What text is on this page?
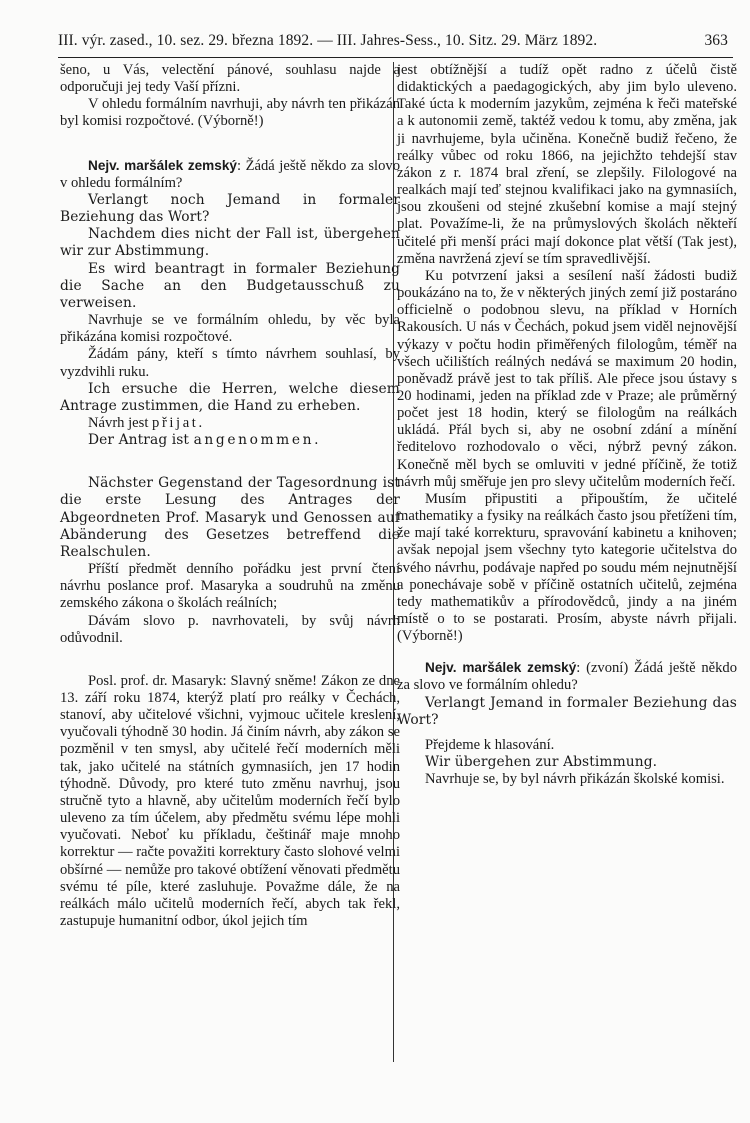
III. výr. zased., 10. sez. 29. března 1892. — III. Jahres-Sess., 10. Sitz. 29. März 1892.	363

šeno, u Vás, velectění pánové, souhlasu najde a odporučuji jej tedy Vaší přízni.

V ohledu formálním navrhuji, aby návrh ten přikázán byl komisi rozpočtové. (Výborně!)

Nejv. maršálek zemský: Žádá ještě někdo za slovo v ohledu formálním?

Verlangt noch Jemand in formaler Beziehung das Wort?

Nachdem dies nicht der Fall ist, übergehen wir zur Abstimmung.

Es wird beantragt in formaler Beziehung die Sache an den Budgetausschuß zu verweisen.

Navrhuje se ve formálním ohledu, by věc byla přikázána komisi rozpočtové.

Žádám pány, kteří s tímto návrhem souhlasí, by vyzdvihli ruku.

Ich ersuche die Herren, welche diesem Antrage zustimmen, die Hand zu erheben.

Návrh jest přijat.

Der Antrag ist angenommen.

Nächster Gegenstand der Tagesordnung ist die erste Lesung des Antrages der Abgeordneten Prof. Masaryk und Genossen auf Abänderung des Gesetzes betreffend die Realschulen.

Příští předmět denního pořádku jest první čtení návrhu poslance prof. Masaryka a soudruhů na změnu zemského zákona o školách reálních;

Dávám slovo p. navrhovateli, by svůj návrh odůvodnil.

Posl. prof. dr. Masaryk: Slavný sněme! Zákon ze dne 13. září roku 1874, kterýž platí pro reálky v Čechách, stanoví, aby učitelové všichni, vyjmouc učitele kreslení, vyučovali týhodně 30 hodin. Já činím návrh, aby zákon se pozměnil v ten smysl, aby učitelé řečí moderních měli tak, jako učitelé na státních gymnasiích, jen 17 hodin týhodně. Důvody, pro které tuto změnu navrhuj, jsou stručně tyto a hlavně, aby učitelům moderních řečí bylo uleveno za tím účelem, aby předmětu svému lépe mohli vyučovati. Neboť ku příkladu, češtinář maje mnoho korrektur — račte považiti korrektury často slohové velmi obšírné — nemůže pro takové obtížení věnovati předmětu svému té píle, které zasluhuje. Považme dále, že na reálkách málo učitelů moderních řečí, abych tak řekl, zastupuje humanitní odbor, úkol jejich tím

jest obtížnější a tudíž opět radno z účelů čistě didaktických a paedagogických, aby jim bylo uleveno. Také úcta k moderním jazykům, zejména k řeči mateřské a k autonomii země, taktéž vedou k tomu, aby změna, jak ji navrhujeme, byla učiněna. Konečně budiž řečeno, že reálky vůbec od roku 1866, na jejichžto tehdejší stav zákon z r. 1874 bral zření, se zlepšily. Filologové na realkách mají teď stejnou kvalifikaci jako na gymnasiích, jsou zkoušeni od stejné zkušební komise a mají stejný plat. Považíme-li, že na průmyslových školách někteří učitelé při menší práci mají dokonce plat větší (Tak jest), změna navržená zjeví se tím spravedlivější.

Ku potvrzení jaksi a sesílení naší žádosti budiž poukázáno na to, že v některých jiných zemí již postaráno officielně o podobnou slevu, na příklad v Horních Rakousích. U nás v Čechách, pokud jsem viděl nejnovější výkazy v počtu hodin přiměřených filologům, téměř na všech učilištích reálných nedává se maximum 20 hodin, poněvadž právě jest to tak příliš. Ale přece jsou ústavy s 20 hodinami, jeden na příklad zde v Praze; ale průměrný počet jest 18 hodin, který se filologům na reálkách ukládá. Přál bych si, aby ne osobní zdání a mínění ředitelovo rozhodovalo o věci, nýbrž pevný zákon. Konečně měl bych se omluviti v jedné příčině, že totiž návrh můj směřuje jen pro slevy učitelům moderních řečí.

Musím připustiti a připouštím, že učitelé mathematiky a fysiky na reálkách často jsou přetíženi tím, že mají také korrekturu, spravování kabinetu a knihoven; avšak nepojal jsem všechny tyto kategorie učitelstva do svého návrhu, podávaje napřed po soudu mém nejnutnější a ponechávaje sobě v příčině ostatních učitelů, zejména tedy mathematikův a přírodovědců, jindy a na jiném místě o to se postarati. Prosím, abyste návrh přijali. (Výborně!)

Nejv. maršálek zemský: (zvoní) Žádá ještě někdo za slovo ve formálním ohledu?

Verlangt Jemand in formaler Beziehung das Wort?

Přejdeme k hlasování.

Wir übergehen zur Abstimmung.

Navrhuje se, by byl návrh přikázán školské komisi.
